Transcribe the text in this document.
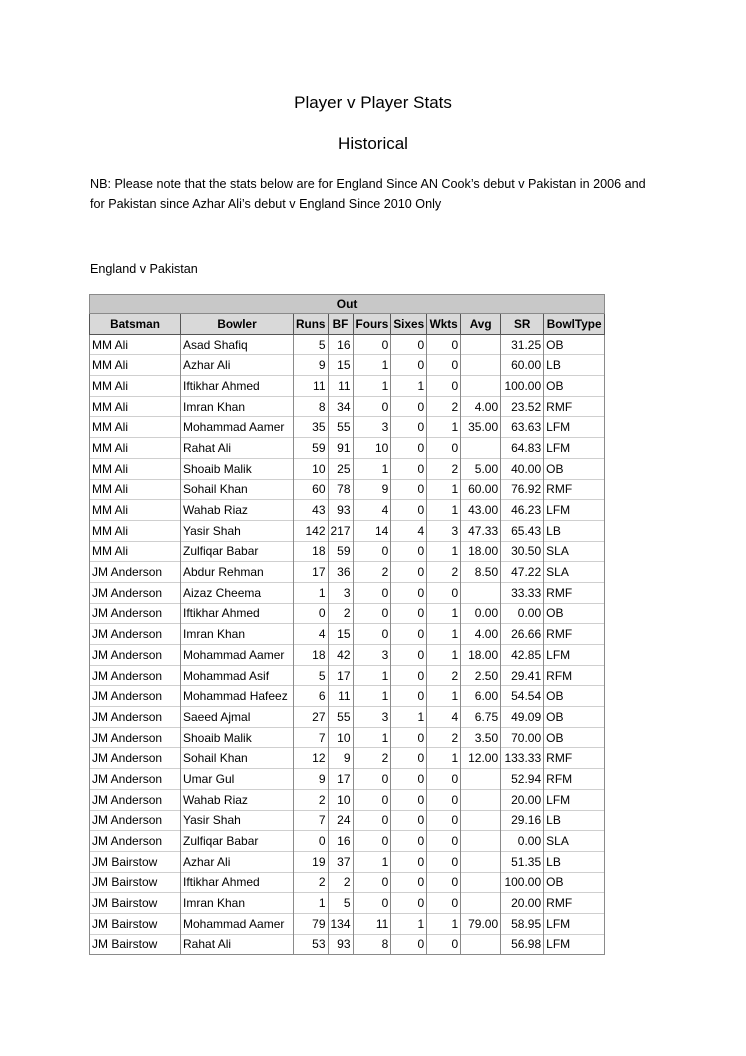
Player v Player Stats
Historical
NB: Please note that the stats below are for England Since AN Cook’s debut v Pakistan in 2006 and for Pakistan since Azhar Ali’s debut v England Since 2010 Only
England v Pakistan
Out									
Batsman	Bowler	Runs	BF	Fours	Sixes	Wkts	Avg	SR	BowlType
MM Ali	Asad Shafiq	5	16	0	0	0		31.25	OB
MM Ali	Azhar Ali	9	15	1	0	0		60.00	LB
MM Ali	Iftikhar Ahmed	11	11	1	1	0		100.00	OB
MM Ali	Imran Khan	8	34	0	0	2	4.00	23.52	RMF
MM Ali	Mohammad Aamer	35	55	3	0	1	35.00	63.63	LFM
MM Ali	Rahat Ali	59	91	10	0	0		64.83	LFM
MM Ali	Shoaib Malik	10	25	1	0	2	5.00	40.00	OB
MM Ali	Sohail Khan	60	78	9	0	1	60.00	76.92	RMF
MM Ali	Wahab Riaz	43	93	4	0	1	43.00	46.23	LFM
MM Ali	Yasir Shah	142	217	14	4	3	47.33	65.43	LB
MM Ali	Zulfiqar Babar	18	59	0	0	1	18.00	30.50	SLA
JM Anderson	Abdur Rehman	17	36	2	0	2	8.50	47.22	SLA
JM Anderson	Aizaz Cheema	1	3	0	0	0		33.33	RMF
JM Anderson	Iftikhar Ahmed	0	2	0	0	1	0.00	0.00	OB
JM Anderson	Imran Khan	4	15	0	0	1	4.00	26.66	RMF
JM Anderson	Mohammad Aamer	18	42	3	0	1	18.00	42.85	LFM
JM Anderson	Mohammad Asif	5	17	1	0	2	2.50	29.41	RFM
JM Anderson	Mohammad Hafeez	6	11	1	0	1	6.00	54.54	OB
JM Anderson	Saeed Ajmal	27	55	3	1	4	6.75	49.09	OB
JM Anderson	Shoaib Malik	7	10	1	0	2	3.50	70.00	OB
JM Anderson	Sohail Khan	12	9	2	0	1	12.00	133.33	RMF
JM Anderson	Umar Gul	9	17	0	0	0		52.94	RFM
JM Anderson	Wahab Riaz	2	10	0	0	0		20.00	LFM
JM Anderson	Yasir Shah	7	24	0	0	0		29.16	LB
JM Anderson	Zulfiqar Babar	0	16	0	0	0		0.00	SLA
JM Bairstow	Azhar Ali	19	37	1	0	0		51.35	LB
JM Bairstow	Iftikhar Ahmed	2	2	0	0	0		100.00	OB
JM Bairstow	Imran Khan	1	5	0	0	0		20.00	RMF
JM Bairstow	Mohammad Aamer	79	134	11	1	1	79.00	58.95	LFM
JM Bairstow	Rahat Ali	53	93	8	0	0		56.98	LFM
